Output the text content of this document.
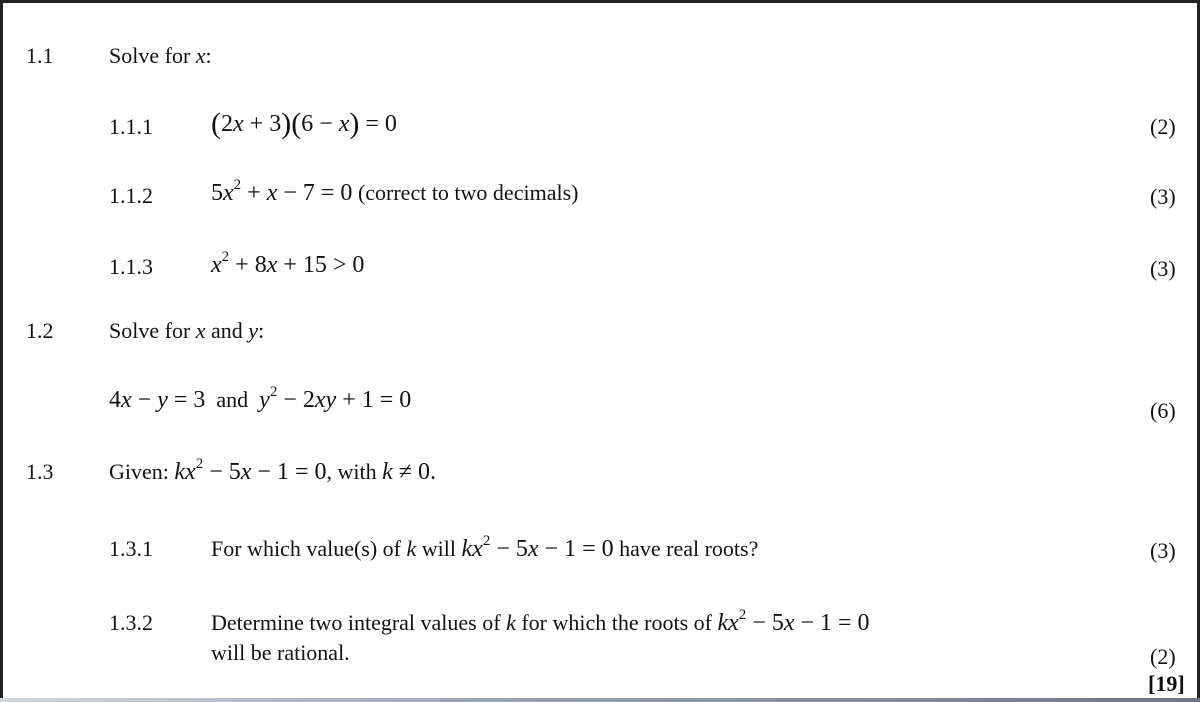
1.1	Solve for x:
1.1.1 (2x + 3)(6 − x) = 0	(2)
1.1.2 $5x^2 + x - 7 = 0$ (correct to two decimals)	(3)
1.1.3 $x^2 + 8x + 15 > 0$	(3)
1.2	Solve for x and y:
4x − y = 3 and $y^2 - 2xy + 1 = 0$	(6)
1.3	Given: $kx^2 - 5x - 1 = 0$, with k ≠ 0.
1.3.1	For which value(s) of k will $kx^2 - 5x - 1 = 0$ have real roots?	(3)
1.3.2	Determine two integral values of k for which the roots of $kx^2 - 5x - 1 = 0$
will be rational.	(2)
[19]
